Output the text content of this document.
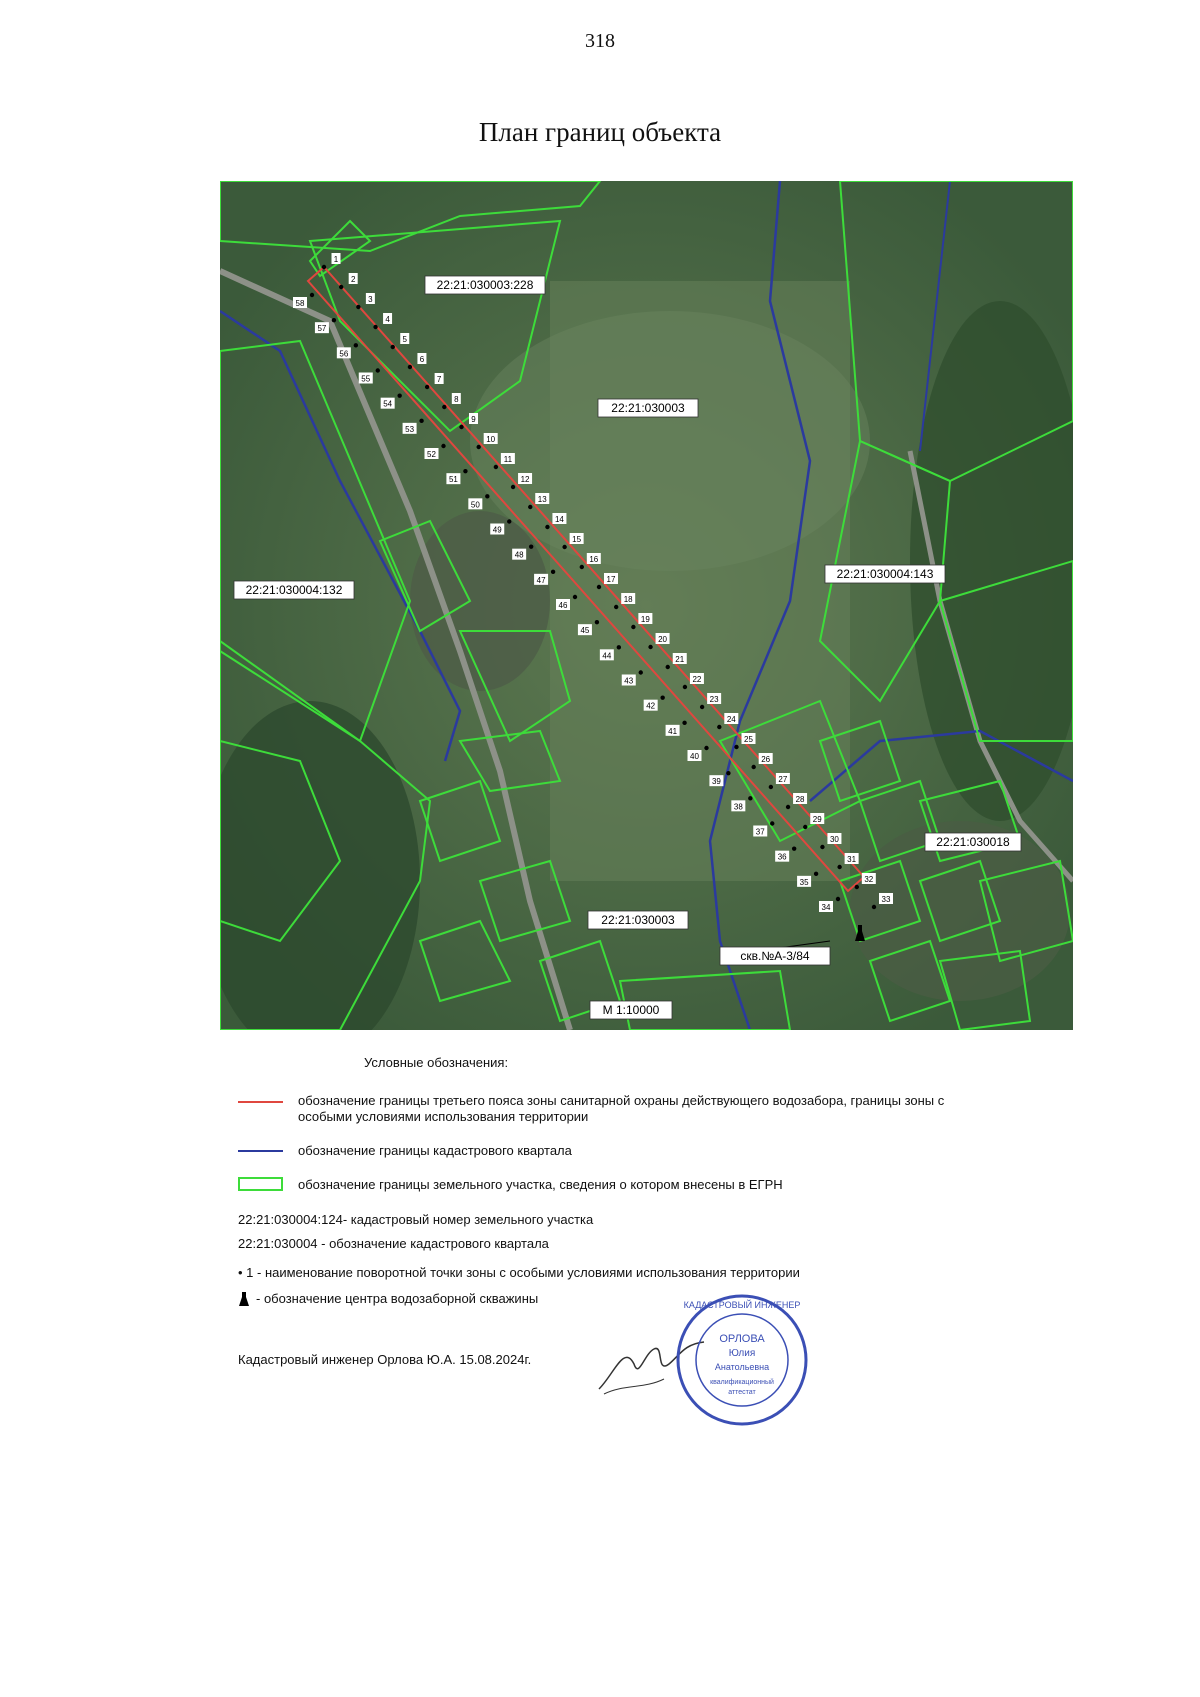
318
План границ объекта
1
2
3
4
5
6
7
8
9
10
11
12
13
14
15
16
17
18
19
20
21
22
23
24
25
26
27
28
29
30
31
32
33
34
35
36
37
38
39
40
41
42
43
44
45
46
47
48
49
50
51
52
53
54
55
56
57
58
22:21:030003:228
22:21:030003
22:21:030004:132
22:21:030004:143
22:21:030018
22:21:030003
скв.№А-3/84
М 1:10000
Условные обозначения:
обозначение границы третьего пояса зоны санитарной охраны действующего водозабора, границы зоны с особыми условиями использования территории
обозначение границы кадастрового квартала
обозначение границы земельного участка, сведения о котором внесены в ЕГРН
22:21:030004:124- кадастровый номер земельного участка
22:21:030004 - обозначение кадастрового квартала
• 1 - наименование поворотной точки зоны с особыми условиями использования территории
- обозначение центра водозаборной скважины
Кадастровый инженер Орлова Ю.А. 15.08.2024г.
ОРЛОВА
Юлия
Анатольевна
квалификационный
аттестат
КАДАСТРОВЫЙ ИНЖЕНЕР
